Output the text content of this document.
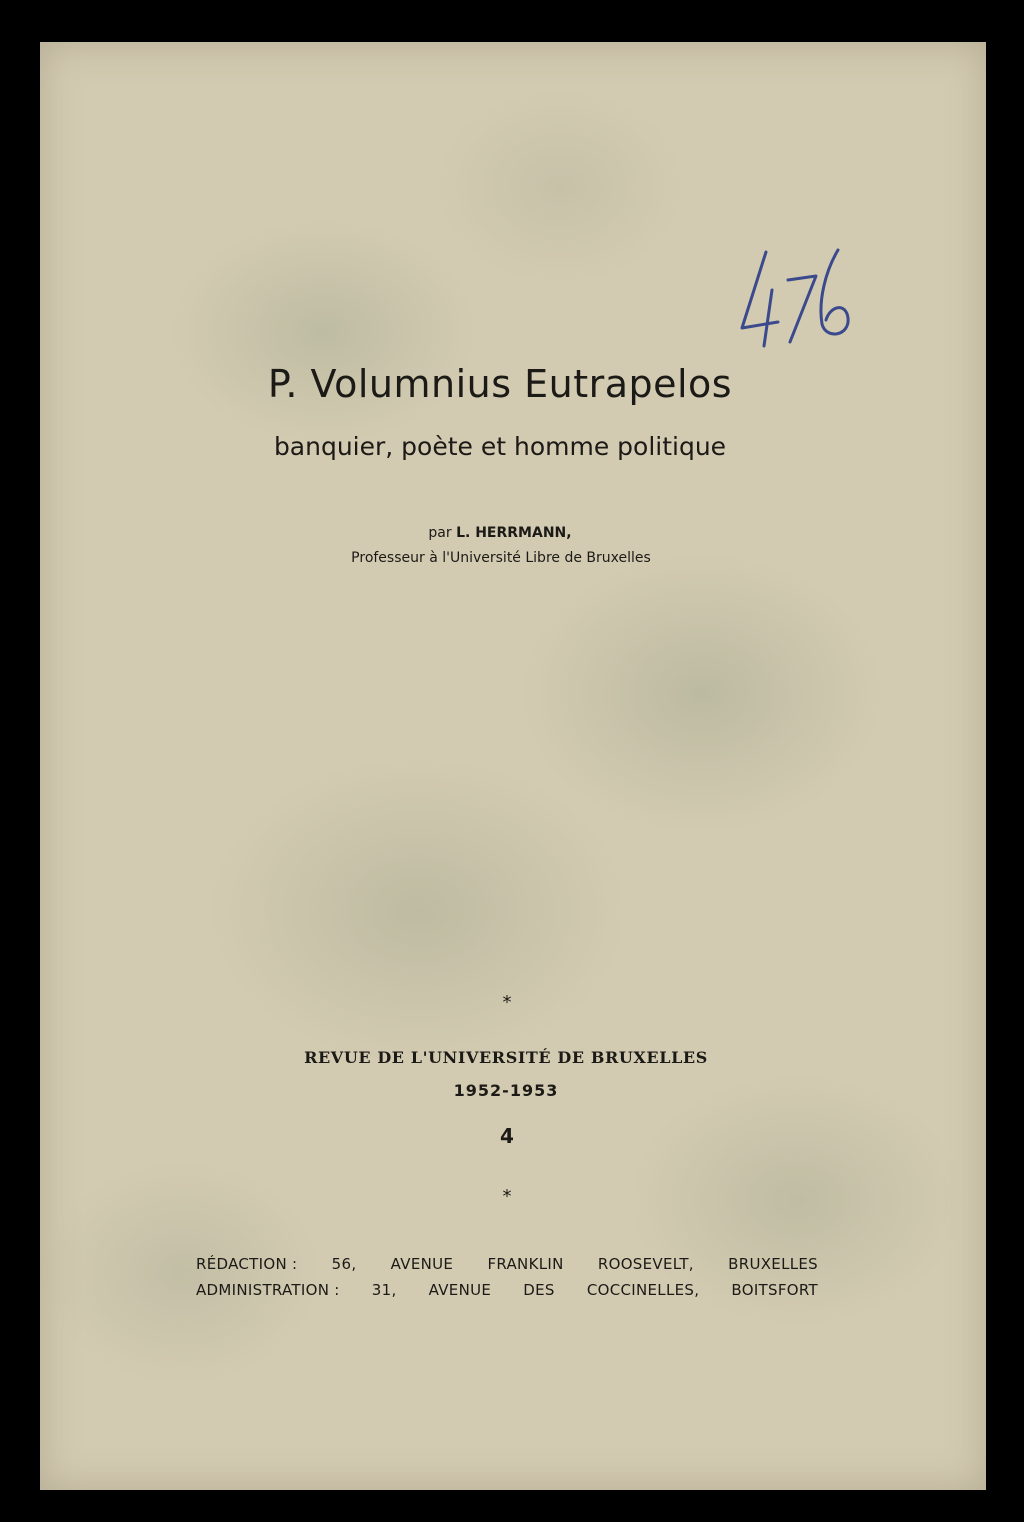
P. Volumnius Eutrapelos
banquier, poète et homme politique
par L. HERRMANN,
Professeur à l'Université Libre de Bruxelles
*
REVUE DE L'UNIVERSITÉ DE BRUXELLES
1952-1953
4
*
RÉDACTION : 56, AVENUE FRANKLIN ROOSEVELT, BRUXELLES
ADMINISTRATION : 31, AVENUE DES COCCINELLES, BOITSFORT
